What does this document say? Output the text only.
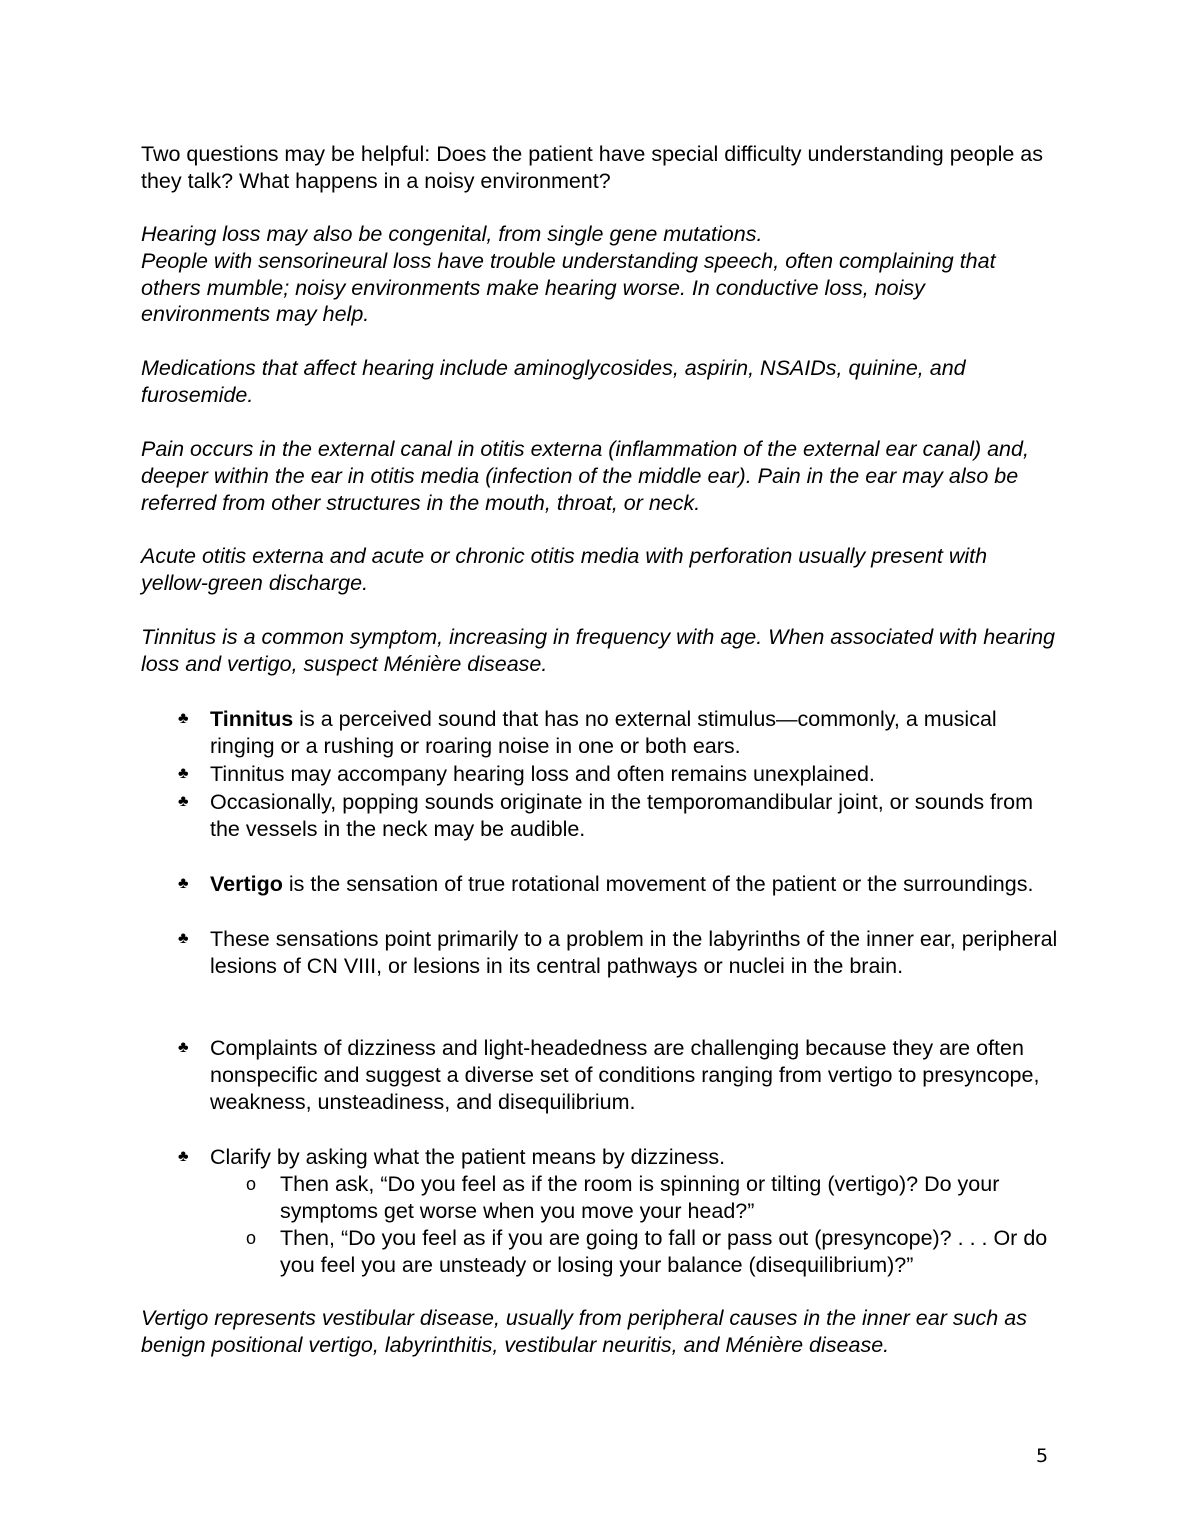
Two questions may be helpful: Does the patient have special difficulty understanding people as they talk? What happens in a noisy environment?

Hearing loss may also be congenital, from single gene mutations.
People with sensorineural loss have trouble understanding speech, often complaining that others mumble; noisy environments make hearing worse. In conductive loss, noisy environments may help.

Medications that affect hearing include aminoglycosides, aspirin, NSAIDs, quinine, and furosemide.

Pain occurs in the external canal in otitis externa (inflammation of the external ear canal) and, deeper within the ear in otitis media (infection of the middle ear). Pain in the ear may also be referred from other structures in the mouth, throat, or neck.

Acute otitis externa and acute or chronic otitis media with perforation usually present with yellow-green discharge.

Tinnitus is a common symptom, increasing in frequency with age. When associated with hearing loss and vertigo, suspect Ménière disease.

♣ Tinnitus is a perceived sound that has no external stimulus—commonly, a musical ringing or a rushing or roaring noise in one or both ears.
♣ Tinnitus may accompany hearing loss and often remains unexplained.
♣ Occasionally, popping sounds originate in the temporomandibular joint, or sounds from the vessels in the neck may be audible.
♣ Vertigo is the sensation of true rotational movement of the patient or the surroundings.
♣ These sensations point primarily to a problem in the labyrinths of the inner ear, peripheral lesions of CN VIII, or lesions in its central pathways or nuclei in the brain.
♣ Complaints of dizziness and light-headedness are challenging because they are often nonspecific and suggest a diverse set of conditions ranging from vertigo to presyncope, weakness, unsteadiness, and disequilibrium.
♣ Clarify by asking what the patient means by dizziness.
o Then ask, “Do you feel as if the room is spinning or tilting (vertigo)? Do your symptoms get worse when you move your head?”
o Then, “Do you feel as if you are going to fall or pass out (presyncope)? . . . Or do you feel you are unsteady or losing your balance (disequilibrium)?”

Vertigo represents vestibular disease, usually from peripheral causes in the inner ear such as benign positional vertigo, labyrinthitis, vestibular neuritis, and Ménière disease.

5
